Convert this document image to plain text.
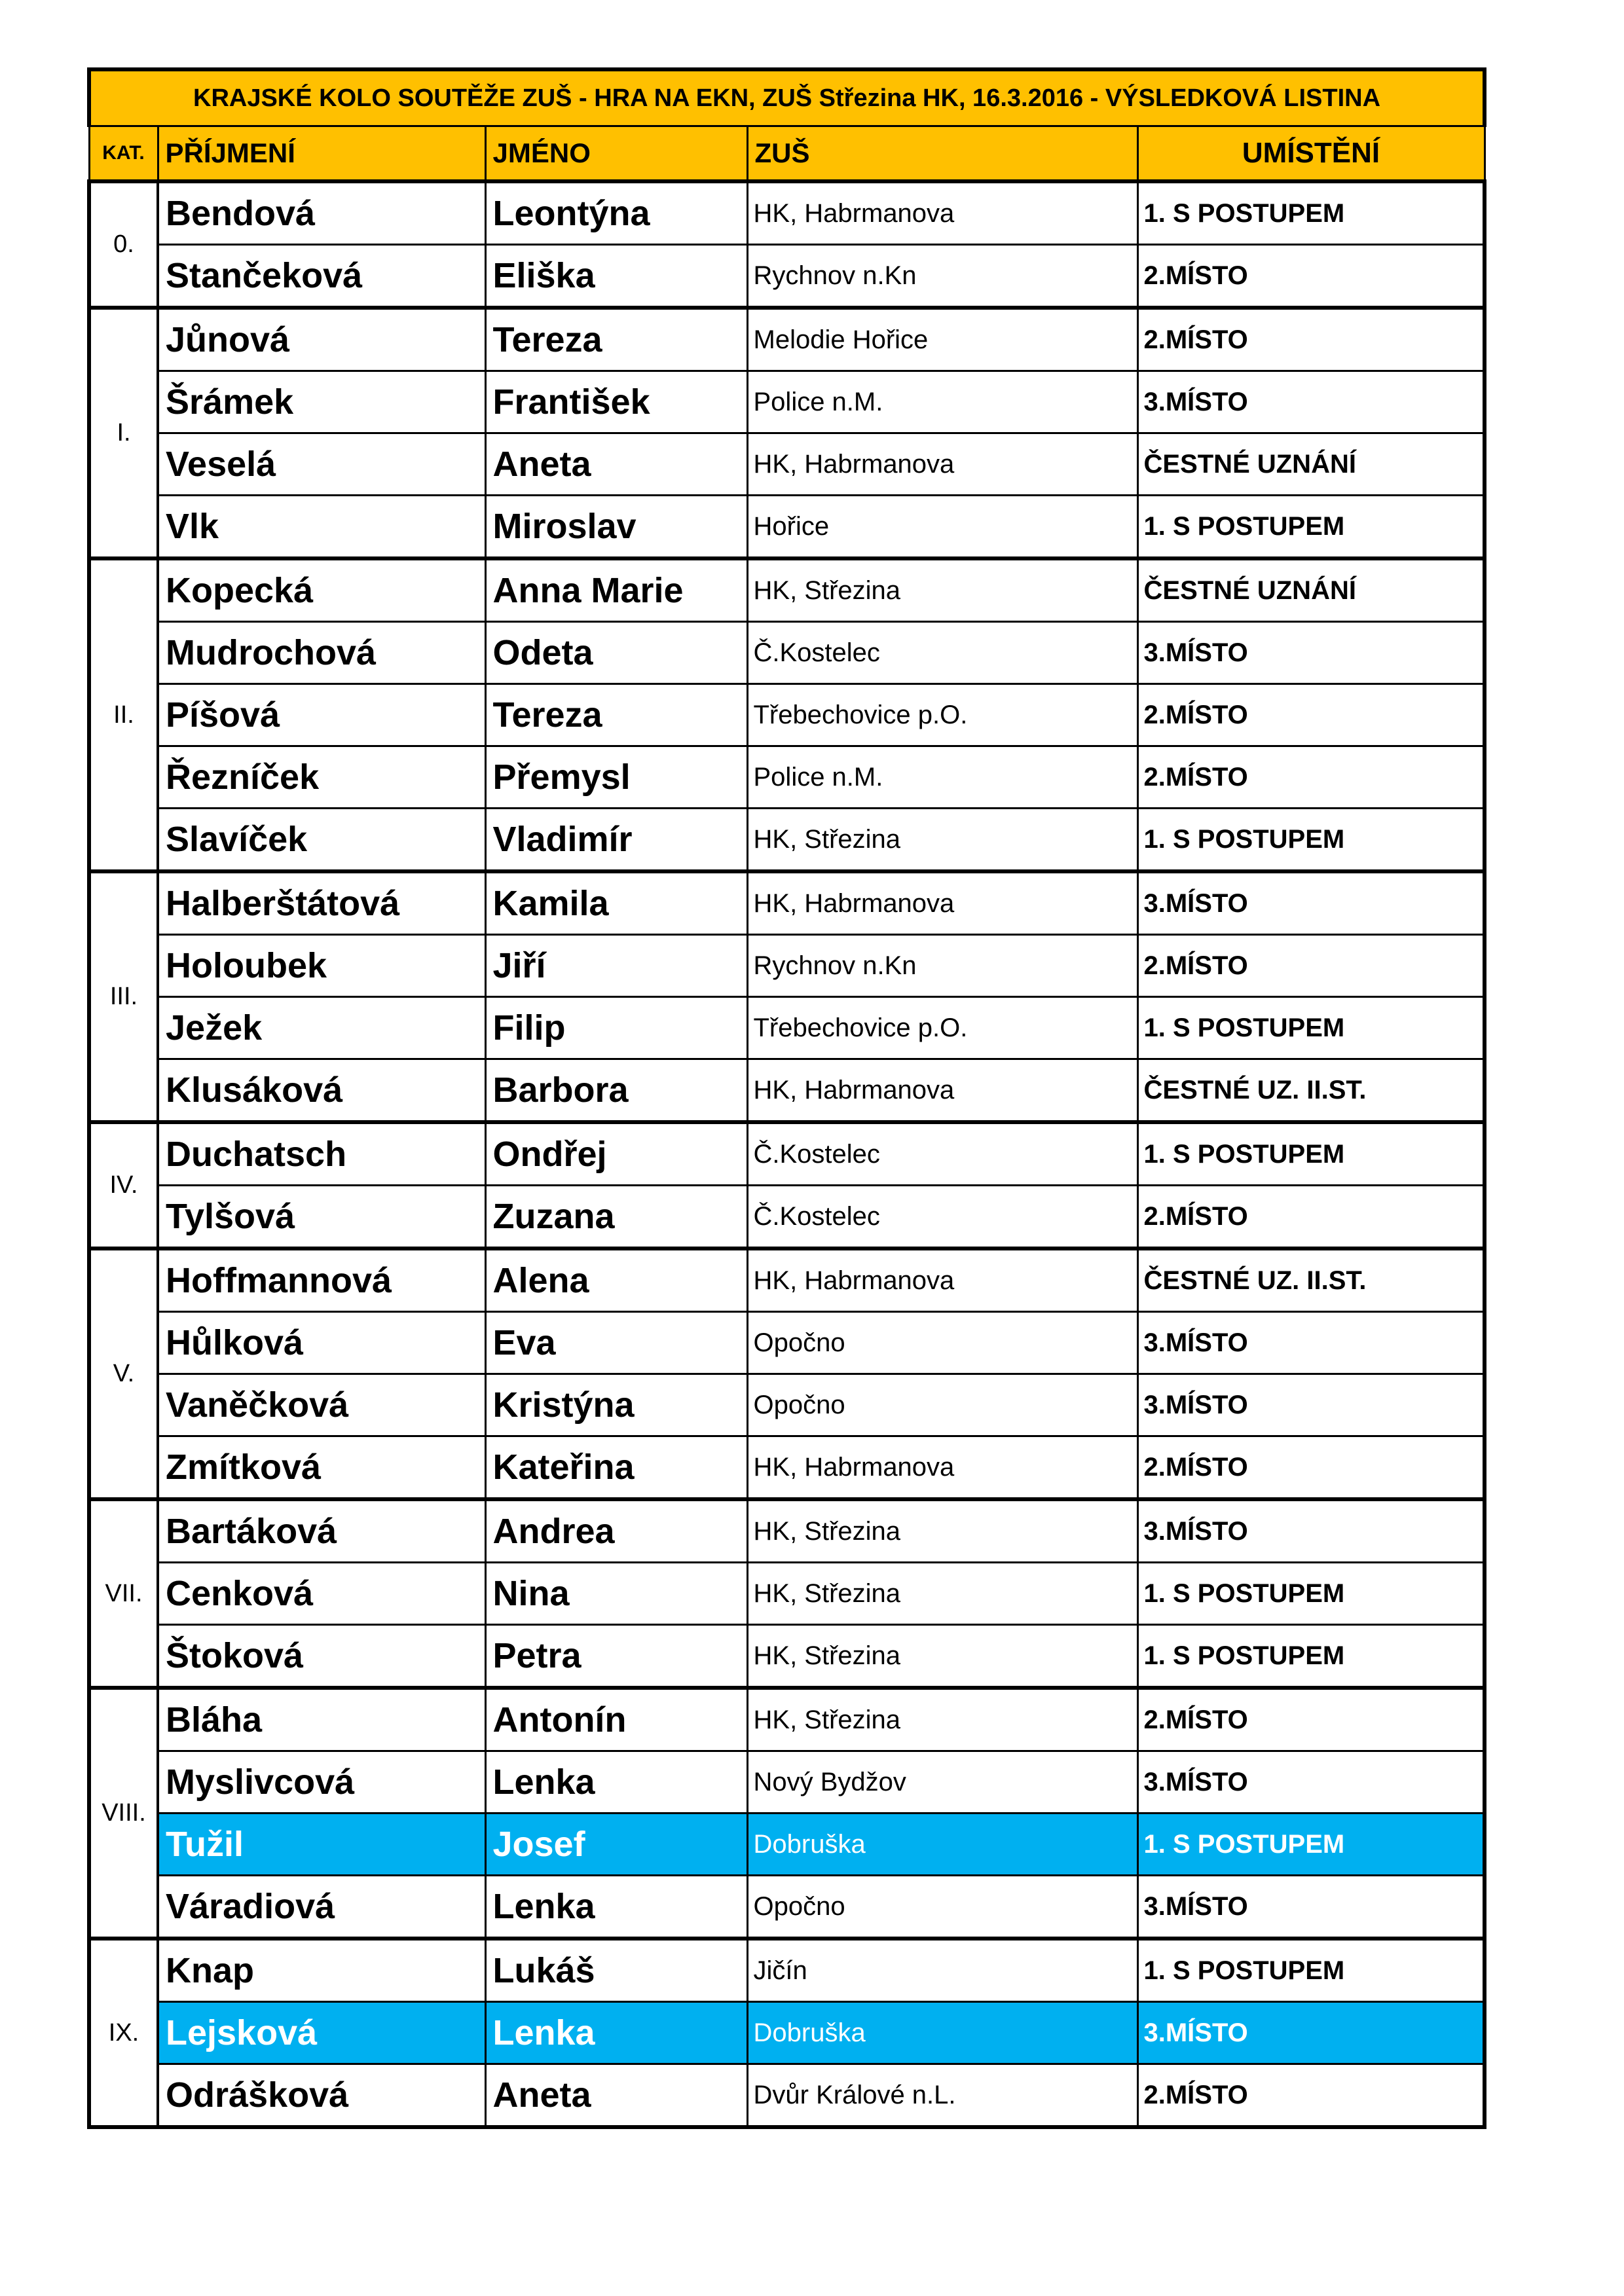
KRAJSKÉ KOLO SOUTĚŽE ZUŠ - HRA NA EKN, ZUŠ Střezina HK, 16.3.2016 - VÝSLEDKOVÁ LISTINA				
KAT.	PŘÍJMENÍ	JMÉNO	ZUŠ	UMÍSTĚNÍ
0.	Bendová	Leontýna	HK, Habrmanova	1. S POSTUPEM
	Stančeková	Eliška	Rychnov n.Kn	2.MÍSTO
I.	Jůnová	Tereza	Melodie Hořice	2.MÍSTO
	Šrámek	František	Police n.M.	3.MÍSTO
	Veselá	Aneta	HK, Habrmanova	ČESTNÉ UZNÁNÍ
	Vlk	Miroslav	Hořice	1. S POSTUPEM
II.	Kopecká	Anna Marie	HK, Střezina	ČESTNÉ UZNÁNÍ
	Mudrochová	Odeta	Č.Kostelec	3.MÍSTO
	Píšová	Tereza	Třebechovice p.O.	2.MÍSTO
	Řezníček	Přemysl	Police n.M.	2.MÍSTO
	Slavíček	Vladimír	HK, Střezina	1. S POSTUPEM
III.	Halberštátová	Kamila	HK, Habrmanova	3.MÍSTO
	Holoubek	Jiří	Rychnov n.Kn	2.MÍSTO
	Ježek	Filip	Třebechovice p.O.	1. S POSTUPEM
	Klusáková	Barbora	HK, Habrmanova	ČESTNÉ UZ. II.ST.
IV.	Duchatsch	Ondřej	Č.Kostelec	1. S POSTUPEM
	Tylšová	Zuzana	Č.Kostelec	2.MÍSTO
V.	Hoffmannová	Alena	HK, Habrmanova	ČESTNÉ UZ. II.ST.
	Hůlková	Eva	Opočno	3.MÍSTO
	Vaněčková	Kristýna	Opočno	3.MÍSTO
	Zmítková	Kateřina	HK, Habrmanova	2.MÍSTO
VII.	Bartáková	Andrea	HK, Střezina	3.MÍSTO
	Cenková	Nina	HK, Střezina	1. S POSTUPEM
	Štoková	Petra	HK, Střezina	1. S POSTUPEM
VIII.	Bláha	Antonín	HK, Střezina	2.MÍSTO
	Myslivcová	Lenka	Nový Bydžov	3.MÍSTO
	Tužil	Josef	Dobruška	1. S POSTUPEM
	Váradiová	Lenka	Opočno	3.MÍSTO
IX.	Knap	Lukáš	Jičín	1. S POSTUPEM
	Lejsková	Lenka	Dobruška	3.MÍSTO
	Odrášková	Aneta	Dvůr Králové n.L.	2.MÍSTO
